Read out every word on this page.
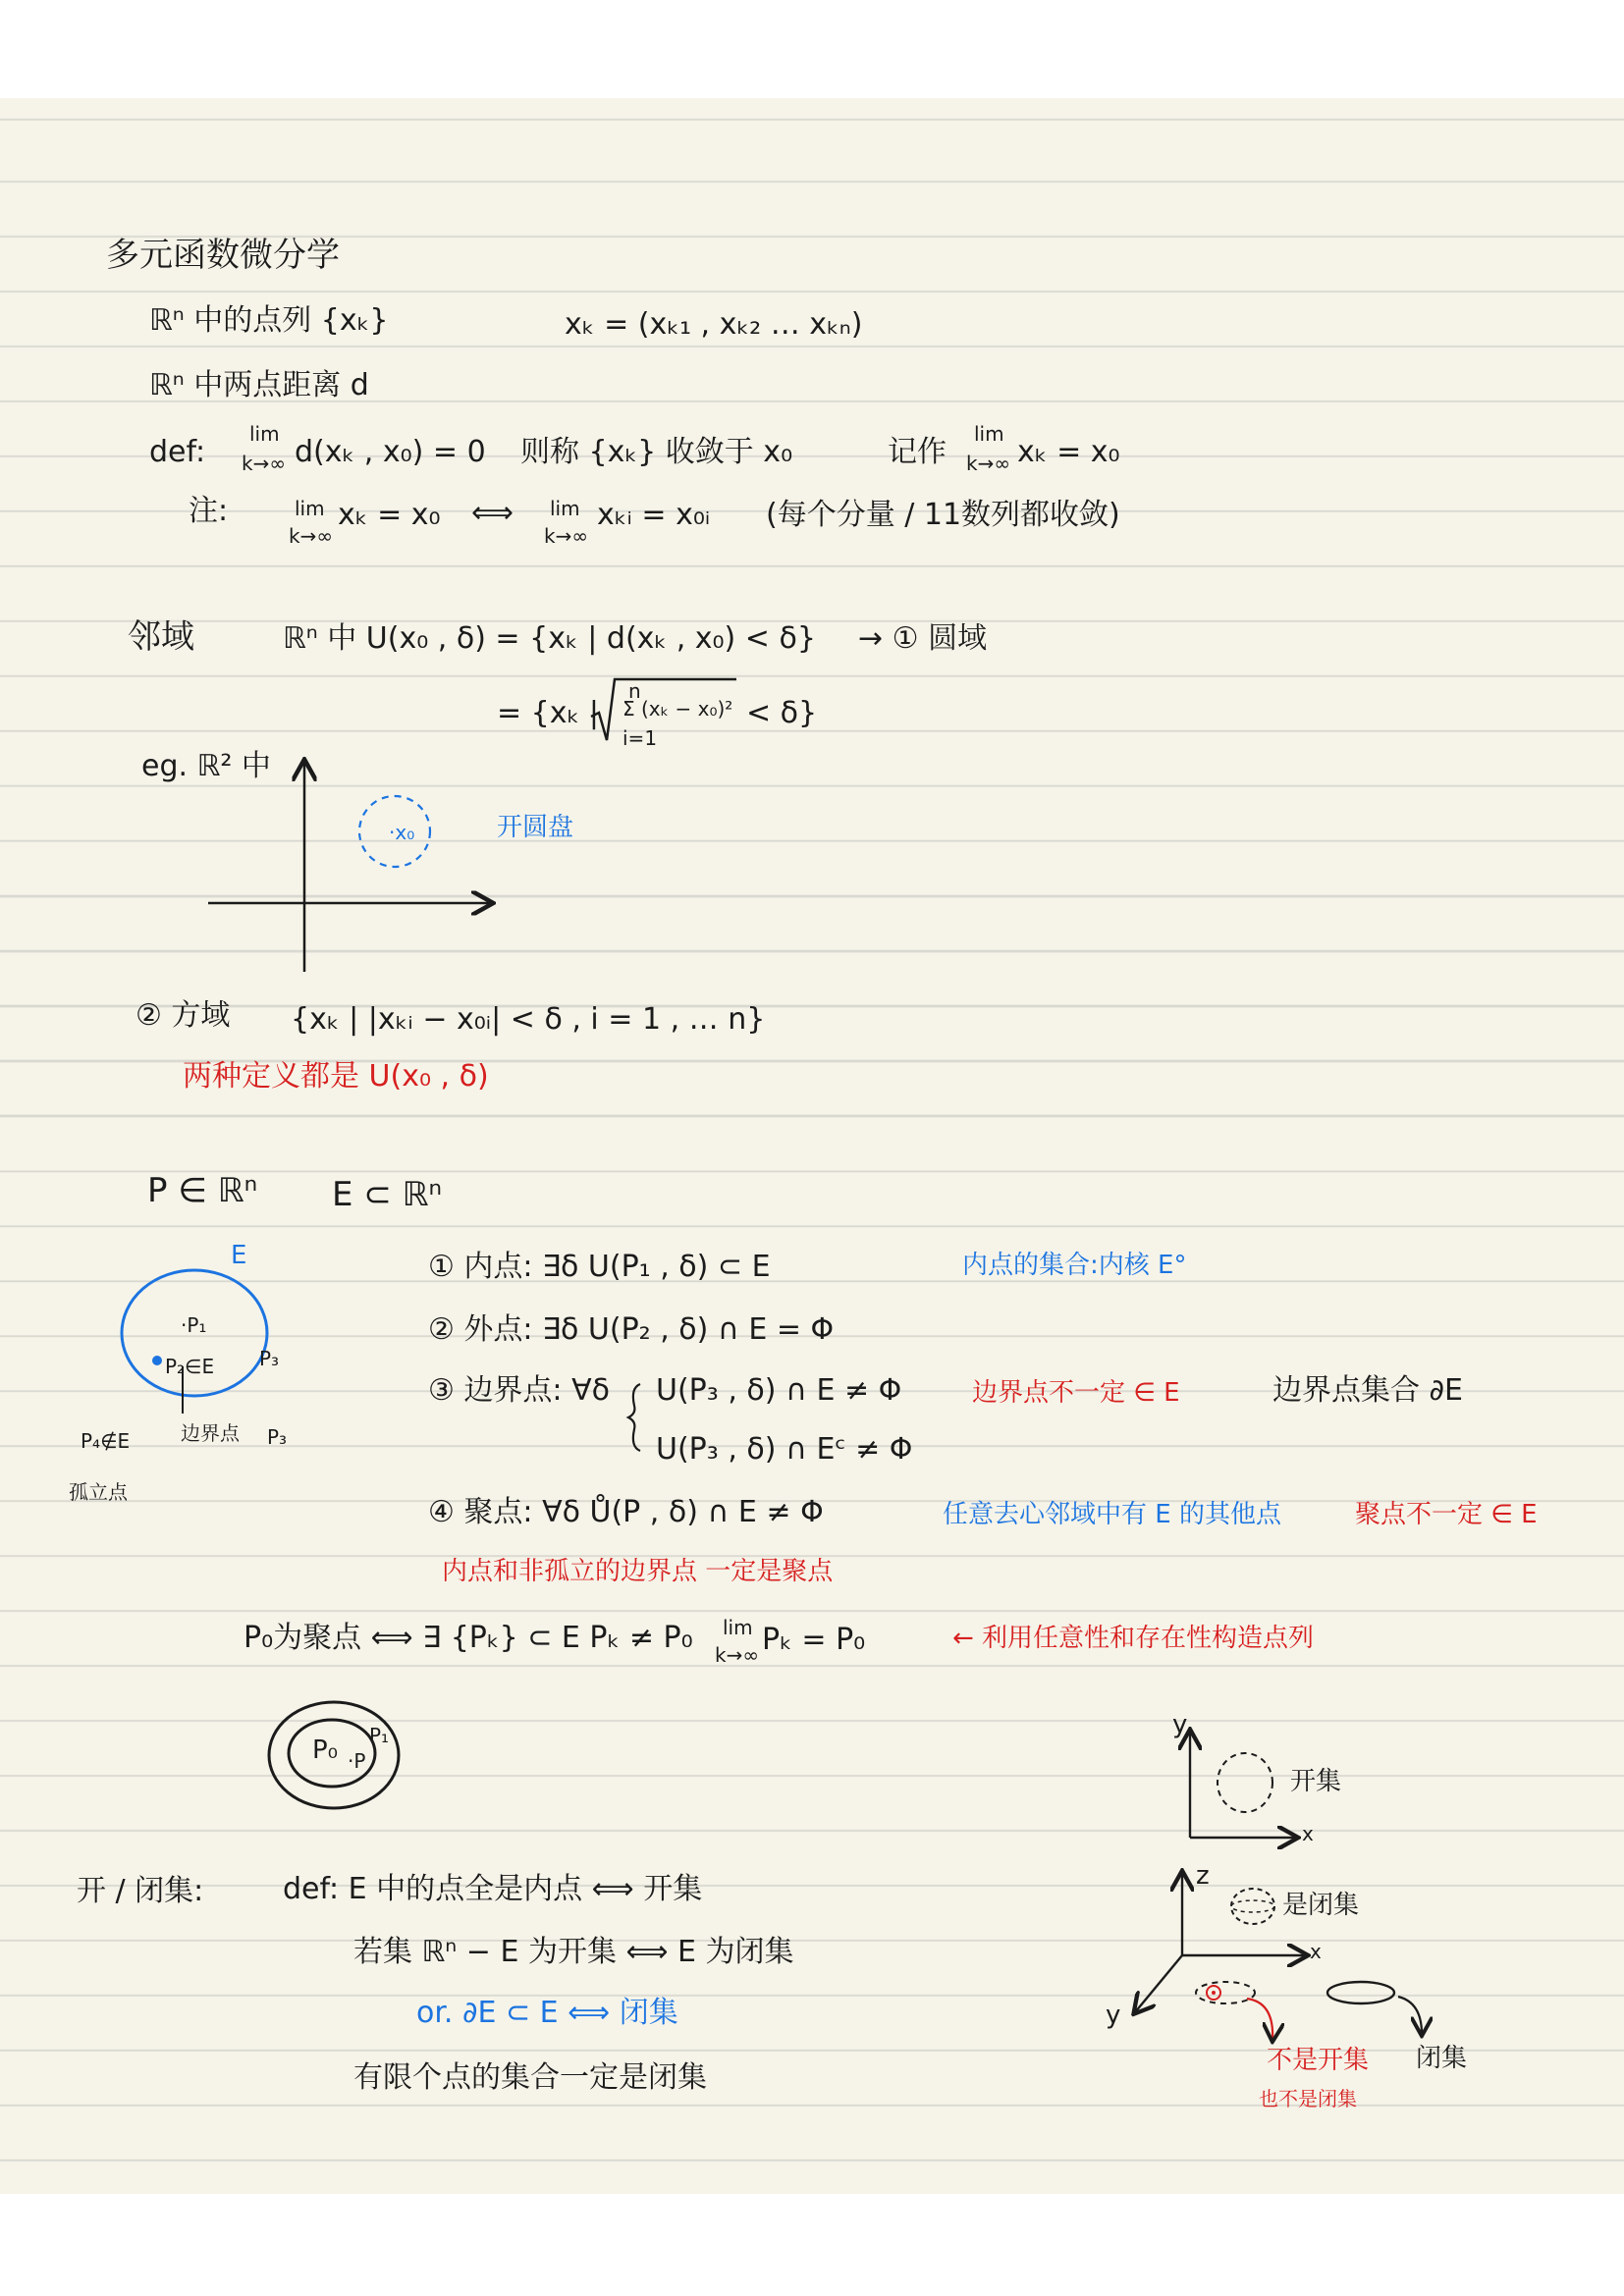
多元函数微分学
ℝⁿ 中的点列 {xₖ}	xₖ = (xₖ₁ , xₖ₂ … xₖₙ)
ℝⁿ 中两点距离 d
def:
lim
k→∞ d(xₖ , x₀) = 0 则称 {xₖ} 收敛于 x₀	记作
lim
k→∞ xₖ = x₀
注:	lim
k→∞
xₖ = x₀ ⟺ lim
k→∞
xₖᵢ = x₀ᵢ (每个分量 / 11数列都收敛)
邻域	ℝⁿ 中 U(x₀ , δ) = {xₖ | d(xₖ , x₀) < δ} → ① 圆域
= {xₖ |
n
Σ (xₖ − x₀)²
i=1
< δ}
eg. ℝ² 中
·x₀	开圆盘
② 方域 {xₖ | |xₖᵢ − x₀ᵢ| < δ , i = 1 , … n}
两种定义都是 U(x₀ , δ)
P ∈ ℝⁿ E ⊂ ℝⁿ
E
·P₁
P₃
P₂∈E
P₄∉E	边界点 P₃
孤立点
① 内点: ∃δ U(P₁ , δ) ⊂ E	内点的集合:内核 E°
② 外点: ∃δ U(P₂ , δ) ∩ E = Φ
③ 边界点: ∀δ U(P₃ , δ) ∩ E ≠ Φ
U(P₃ , δ) ∩ Eᶜ ≠ Φ
边界点不一定 ∈ E	边界点集合 ∂E
④ 聚点: ∀δ Ů(P , δ) ∩ E ≠ Φ	任意去心邻域中有 E 的其他点	聚点不一定 ∈ E
内点和非孤立的边界点 一定是聚点
P₀为聚点 ⟺ ∃ {Pₖ} ⊂ E Pₖ ≠ P₀ lim
k→∞ Pₖ = P₀	← 利用任意性和存在性构造点列
P₀ ·P
P₁
开 / 闭集:	def: E 中的点全是内点 ⟺ 开集
若集 ℝⁿ − E 为开集 ⟺ E 为闭集
or. ∂E ⊂ E ⟺ 闭集
有限个点的集合一定是闭集
y
x
开集
z
是闭集
x
y
不是开集
也不是闭集
闭集
